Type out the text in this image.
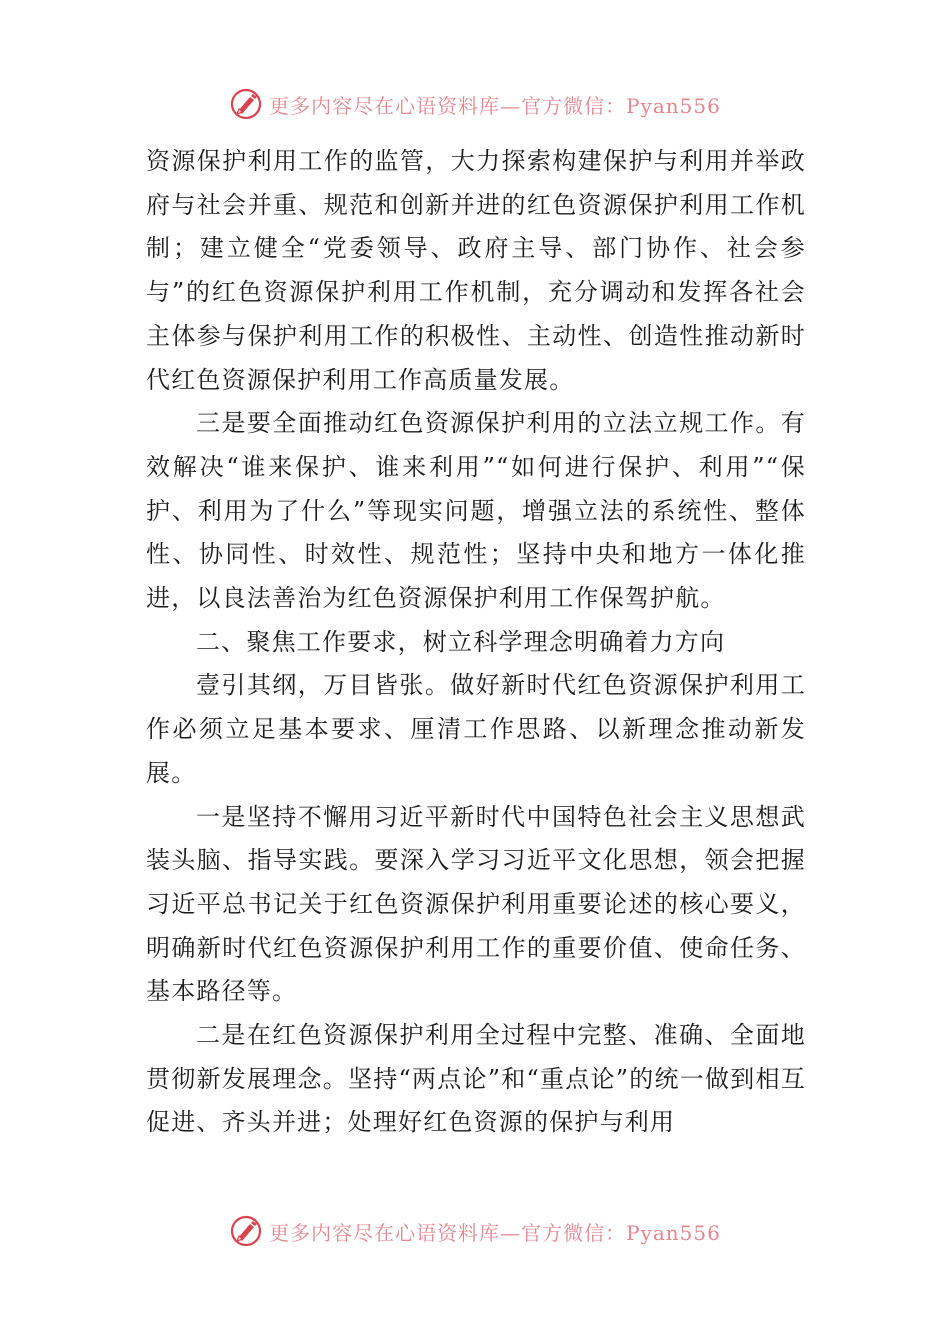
更多内容尽在心语资料库—官方微信：Pyan556

资源保护利用工作的监管，大力探索构建保护与利用并举政府与社会并重、规范和创新并进的红色资源保护利用工作机制；建立健全“党委领导、政府主导、部门协作、社会参与”的红色资源保护利用工作机制，充分调动和发挥各社会主体参与保护利用工作的积极性、主动性、创造性推动新时代红色资源保护利用工作高质量发展。

三是要全面推动红色资源保护利用的立法立规工作。有效解决“谁来保护、谁来利用”“如何进行保护、利用”“保护、利用为了什么”等现实问题，增强立法的系统性、整体性、协同性、时效性、规范性；坚持中央和地方一体化推进，以良法善治为红色资源保护利用工作保驾护航。

二、聚焦工作要求，树立科学理念明确着力方向

壹引其纲，万目皆张。做好新时代红色资源保护利用工作必须立足基本要求、厘清工作思路、以新理念推动新发展。

一是坚持不懈用习近平新时代中国特色社会主义思想武装头脑、指导实践。要深入学习习近平文化思想，领会把握习近平总书记关于红色资源保护利用重要论述的核心要义，明确新时代红色资源保护利用工作的重要价值、使命任务、基本路径等。

二是在红色资源保护利用全过程中完整、准确、全面地贯彻新发展理念。坚持“两点论”和“重点论”的统一做到相互促进、齐头并进；处理好红色资源的保护与利用

更多内容尽在心语资料库—官方微信：Pyan556
